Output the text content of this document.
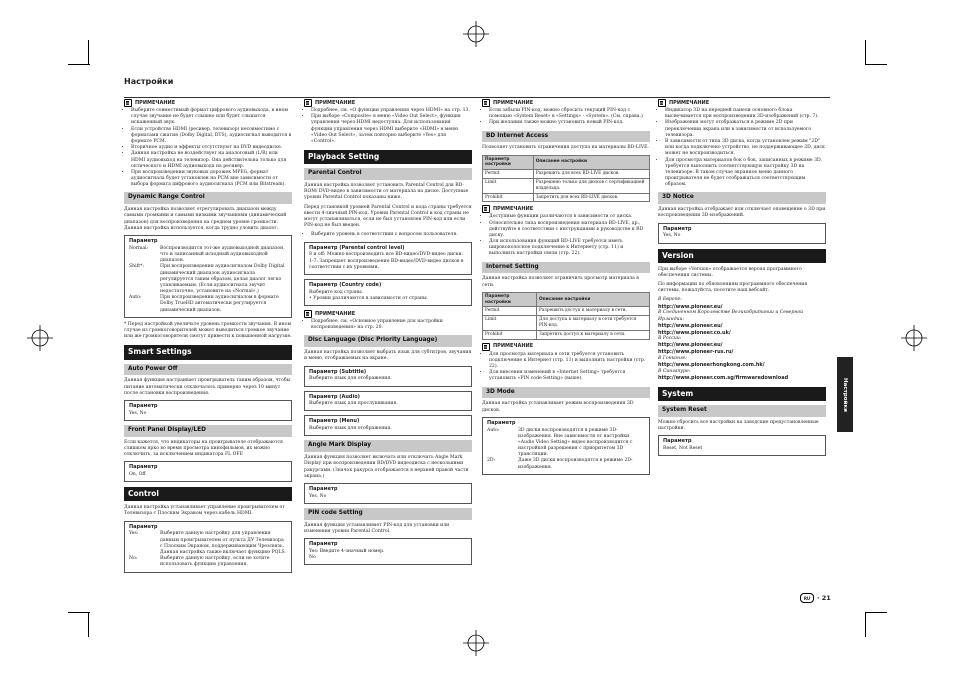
Настройки
ПРИМЕЧАНИЕ
• Выберите совместимый формат цифрового аудиовыхода, в ином случае звучание не будет слышно или будет слышатся искаженный звук.
• Если устройство HDMI (ресивер, телевизор) несовместимо с форматами сжатия (Dolby Digital, DTS), аудиосигнал выводится в формате PCM.
• Вторичное аудио и эффекты отсутствуют на DVD видеодиске.
• Данная настройка не воздействует на аналоговый (L/R) или HDMI аудиовыход на телевизор. Она действительна только для оптического и HDMI аудиовыхода на ресивер.
• При воспроизведении звуковых дорожек MPEG, формат аудиосигнала будет установлен на PCM вне зависимости от выбора формата цифрового аудиосигнала (PCM или Bitstream).
Dynamic Range Control

Данная настройка позволяет отрегулировать диапазон между самыми громкими и самыми низкими звучаниями (динамический диапазон) для воспроизведения на среднем уровне громкости. Данная настройка используется, когда трудно уловить диалог.

Параметр
Normal:	Воспроизводится тот-же аудиовыходной диапазон, что и записанный исходный аудиовыходной диапазон.
Shift*:	При воспроизведении аудиосигналом Dolby Digital динамический диапазон аудиосигнала регулируется таким образом, делая диалог легко улавливаемым. (Если аудиосигнала звучит недостаточно, установите на «Normal».)
Auto:	При воспроизведении аудиосигналом в формате Dolby TrueHD автоматически регулируется динамический диапазон.

* Перед настройкой увеличьте уровень громкости звучания. В ином случае из громкоговорителей может выводиться громкое звучание или же громкоговорители смогут привести к повышенной нагрузке.

Smart Settings
Auto Power Off

Данная функция настраивает проигрыватель таким образом, чтобы питание автоматически отключалось примерно через 10 минут после остановки воспроизведения.

Параметр
Yes, No
Front Panel Display/LED

Если кажется, что индикаторы на проигрывателе отображаются слишком ярко во время просмотра кинофильмов, их можно отключить, за исключением индикатора FL OFF.

Параметр
On, Off
Control

Данная настройка устанавливает управление проигрывателем от Телевизора с Плоским Экраном через кабель HDMI.

Параметр
Yes:	Выберите данную настройку для управления данным проигрывателем от пульта ДУ Телевизора с Плоским Экраном, поддерживающим Чрезсвязь. Данная настройка также включает функцию PQLS.
No:	Выберите данную настройку, если не хотите использовать функцию управления.
ПРИМЕЧАНИЕ
• Подробнее, см. «О функции управления через HDMI» на стр. 13.
• При выборе «Composite» в меню «Video Out Select», функция управления через HDMI недоступна. Для использования функции управления через HDMI выберите «HDMI» в меню «Video Out Select», затем повторно выберите «Yes» для «Control».
Playback Setting
Parental Control

Данная настройка позволяет установить Parental Control для BD-ROM/ DVD-видео в зависимости от материала на диске. Доступные уровни Parental Control показаны ниже.

Перед установкой уровней Parental Control и кода страны требуется ввести 4-значный PIN-код. Уровни Parental Control и код страны не могут устанавливаться, если не был установлен PIN-код или если PIN-код не был введен.

• Выберите уровень в соответствии с вопросом пользователя.
Параметр (Parental control level)
8 и off: Можно воспроизводить все BD-видео/DVD-видео диски.
1-7: Запрещает воспроизведение BD-видео/DVD-видео дисков в соответствии с их уровнями.
Параметр (Country code)
Выберите код страны.
• Уровни различаются в зависимости от страны.
ПРИМЕЧАНИЕ
• Подробнее, см. «Основное управление для настройки воспроизведения» на стр. 20.
Disc Language (Disc Priority Language)

Данная настройка позволяет выбрать язык для субтитров, звучания и меню, отображаемых на экране.

Параметр (Subtitle)
Выберите язык для отображения.
Параметр (Audio)
Выберите язык для прослушивания.
Параметр (Menu)
Выберите язык для отображения.
Angle Mark Display

Данная функция позволяет включать или отключать Angle Mark Display при воспроизведении BD/DVD видеодиска с несколькими ракурсами. (Значок ракурса отображается в нерхней правой части экрана.)

Параметр
Yes, No
PIN code Setting

Данная функция устанавливает PIN-код для установки или изменения уровня Parental Control.

Параметр
Yes: Введите 4-значный номер.
No
ПРИМЕЧАНИЕ
• Если забыли PIN-код, можно сбросить текущий PIN-код с помощью «System Reset» в «Settings» - «System». (См. справа.)
• При желании также можно установить новый PIN-код.
BD Internet Access

Позволяет установить ограничения доступа на материалы BD-LIVE.

Параметр настройки	Описание настройки
Permit	Разрешить для всех BD-LIVE дисков.
Limit	Разрешено только для дисков с сертификацией владельца.
Prohibit	Запретить для всех BD-LIVE дисков.
ПРИМЕЧАНИЕ
• Доступные функции различаются в зависимости от диска.
• Относительно типа воспроизведения материала BD-LIVE, др., действуйте в соответствии с инструкциями в руководстве к BD диску.
• Для использования функций BD-LIVE требуется иметь широкополосное подключение к Интернету (стр. 11) и выполнить настройки связи (стр. 22).
Internet Setting

Данная настройка позволяет ограничить просмотр материала в сети.

Параметр настройки	Описание настройки
Permit	Разрешить доступ к материалу в сети.
Limit	Для доступа к материалу в сети требуется PIN-код.
Prohibit	Запретить доступ к материалу в сети.
ПРИМЕЧАНИЕ
• Для просмотра материала в сети требуется установить подключение к Интернет (стр. 11) и выполнить настройки (стр. 22).
• Для внесения изменений в «Internet Setting» требуется установить «PIN code Setting» (выше).
3D Mode

Данная настройка устанавливает режим воспроизведения 3D дисков.

Параметр
Auto:	3D диски воспроизводятся в режиме 3D-изображения. Вне зависимости от настройки «Audio Video Setting» видео воспроизводится с настройкой разрешения с приоритетом 3D трансляции.
2D:	Даже 3D диски воспроизводятся в режиме 2D-изображения.
ПРИМЕЧАНИЕ
• Индикатор 3D на передней панели основного блока высвечивается при воспроизведении 3D-изображений (стр. 7).
• Изображения могут отображаться в режиме 2D при переключении экрана или в зависимости от используемого телевизора.
• В зависимости от типа 3D диска, когда установлен режим "2D" или когда подключено устройство, не поддерживающее 3D, диск может не воспроизводиться.
• Для просмотра материалов бок о бок, записанных в режиме 3D, требуется выполнить соответствующую настройку 3D на телевизоре. В таком случае экранное меню данного проигрывателя не будет отображаться соответствующим образом.
3D Notice

Данная настройка отображает или отключает оповещение о 3D при воспроизведении 3D-изображений.

Параметр
Yes, No
Version

При выборе «Version» отображается версия программного обеспечения системы.

По информации по обновлениям программного обеспечения системы, пожалуйста, посетите наш вебсайт.

В Европе:
http://www.pioneer.eu/
В Соединенном Королевстве Великобритании и Северной Ирландии:
http://www.pioneer.eu/
http://www.pioneer.co.uk/
В России:
http://www.pioneer.eu/
http://www.pioneer-rus.ru/
В Гонконге:
http://www.pioneerhongkong.com.hk/
В Сингапуре:
http://www.pioneer.com.sg/firmwaredownload
System
System Reset

Можно сбросить все настройки на заводские предустановленные настройки.

Параметр
Reset, Not Reset
Настройки
RU	· 21
